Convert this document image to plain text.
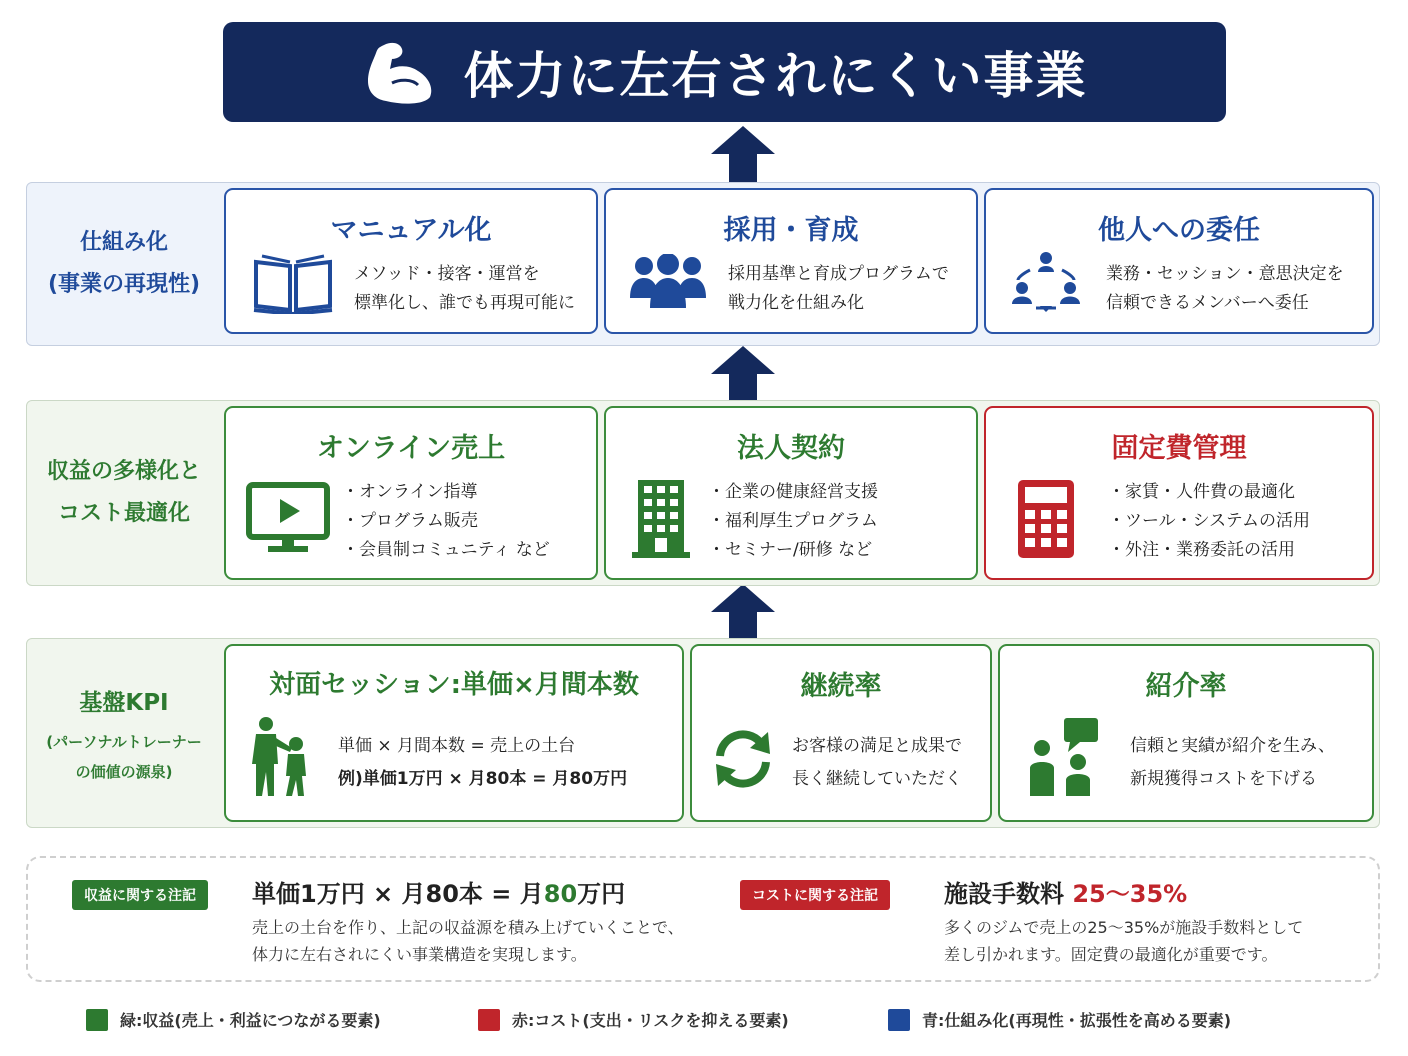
体力に左右されにくい事業
仕組み化
(事業の再現性)
マニュアル化
メソッド・接客・運営を
標準化し、誰でも再現可能に
採用・育成
採用基準と育成プログラムで
戦力化を仕組み化
他人への委任
業務・セッション・意思決定を
信頼できるメンバーへ委任
収益の多様化と
コスト最適化
オンライン売上
・オンライン指導
・プログラム販売
・会員制コミュニティ など
法人契約
・企業の健康経営支援
・福利厚生プログラム
・セミナー/研修 など
固定費管理
・家賃・人件費の最適化
・ツール・システムの活用
・外注・業務委託の活用
基盤KPI
(パーソナルトレーナー
の価値の源泉)
対面セッション:単価×月間本数
単価 × 月間本数 = 売上の土台
例)単価1万円 × 月80本 = 月80万円
継続率
お客様の満足と成果で
長く継続していただく
紹介率
信頼と実績が紹介を生み、
新規獲得コストを下げる
収益に関する注記	単価1万円 × 月80本 = 月80万円
売上の土台を作り、上記の収益源を積み上げていくことで、
体力に左右されにくい事業構造を実現します。
コストに関する注記	施設手数料 25〜35%
多くのジムで売上の25〜35%が施設手数料として
差し引かれます。固定費の最適化が重要です。
緑:収益(売上・利益につながる要素)	赤:コスト(支出・リスクを抑える要素)	青:仕組み化(再現性・拡張性を高める要素)
